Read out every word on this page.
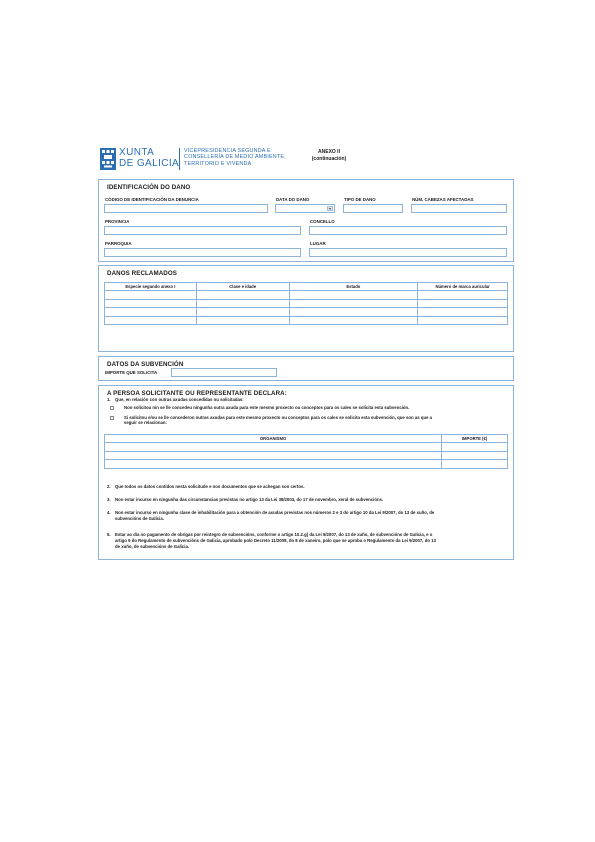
XUNTA
DE GALICIA
VICEPRESIDENCIA SEGUNDA E
CONSELLERÍA DE MEDIO AMBIENTE,
TERRITORIO E VIVENDA
ANEXO II
(continuación)
IDENTIFICACIÓN DO DANO
CÓDIGO DE IDENTIFICACIÓN DA DENUNCIA	DATA DO DANO
▾
TIPO DE DANO	NÚM. CABEZAS AFECTADAS
PROVINCIA	CONCELLO
PARROQUIA	LUGAR
DANOS RECLAMADOS
Especie segundo anexo I	Clase e idade	Estado	Número de marca auricular

DATOS DA SUBVENCIÓN
IMPORTE QUE SOLICITA
A PERSOA SOLICITANTE OU REPRESENTANTE DECLARA:
1. Que, en relación con outras axudas concedidas ou solicitadas:
Non solicitou nin se lle concedeu ningunha outra axuda para este mesmo proxecto ou conceptos para os cales se solicita esta subvención.
Si solicitou e/ou se lle concederon outras axudas para este mesmo proxecto ou conceptos para os cales se solicita esta subvención, que son as que a
seguir se relacionan:
ORGANISMO	IMPORTE (€)

2. Que todos os datos contidos nesta solicitude e nos documentos que se achegan son certos.
3. Non estar incurso en ningunha das circunstancias previstas no artigo 13 da Lei 38/2003, do 17 de novembro, xeral de subvencións.
4. Non estar incurso en ningunha clase de inhabilitación para a obtención de axudas previstas nos números 2 e 3 do artigo 10 da Lei 9/2007, do 13 de xuño, de
subvencións de Galicia.
5. Estar ao día no pagamento de obrigas por reintegro de subvencións, conforme o artigo 10.2.g) da Lei 9/2007, do 13 de xuño, de subvencións de Galicia, e o
artigo 9 do Regulamento de subvencións de Galicia, aprobado polo Decreto 11/2009, do 8 de xaneiro, polo que se aproba o Regulamento da Lei 9/2007, do 13
de xuño, de subvencións de Galicia.
